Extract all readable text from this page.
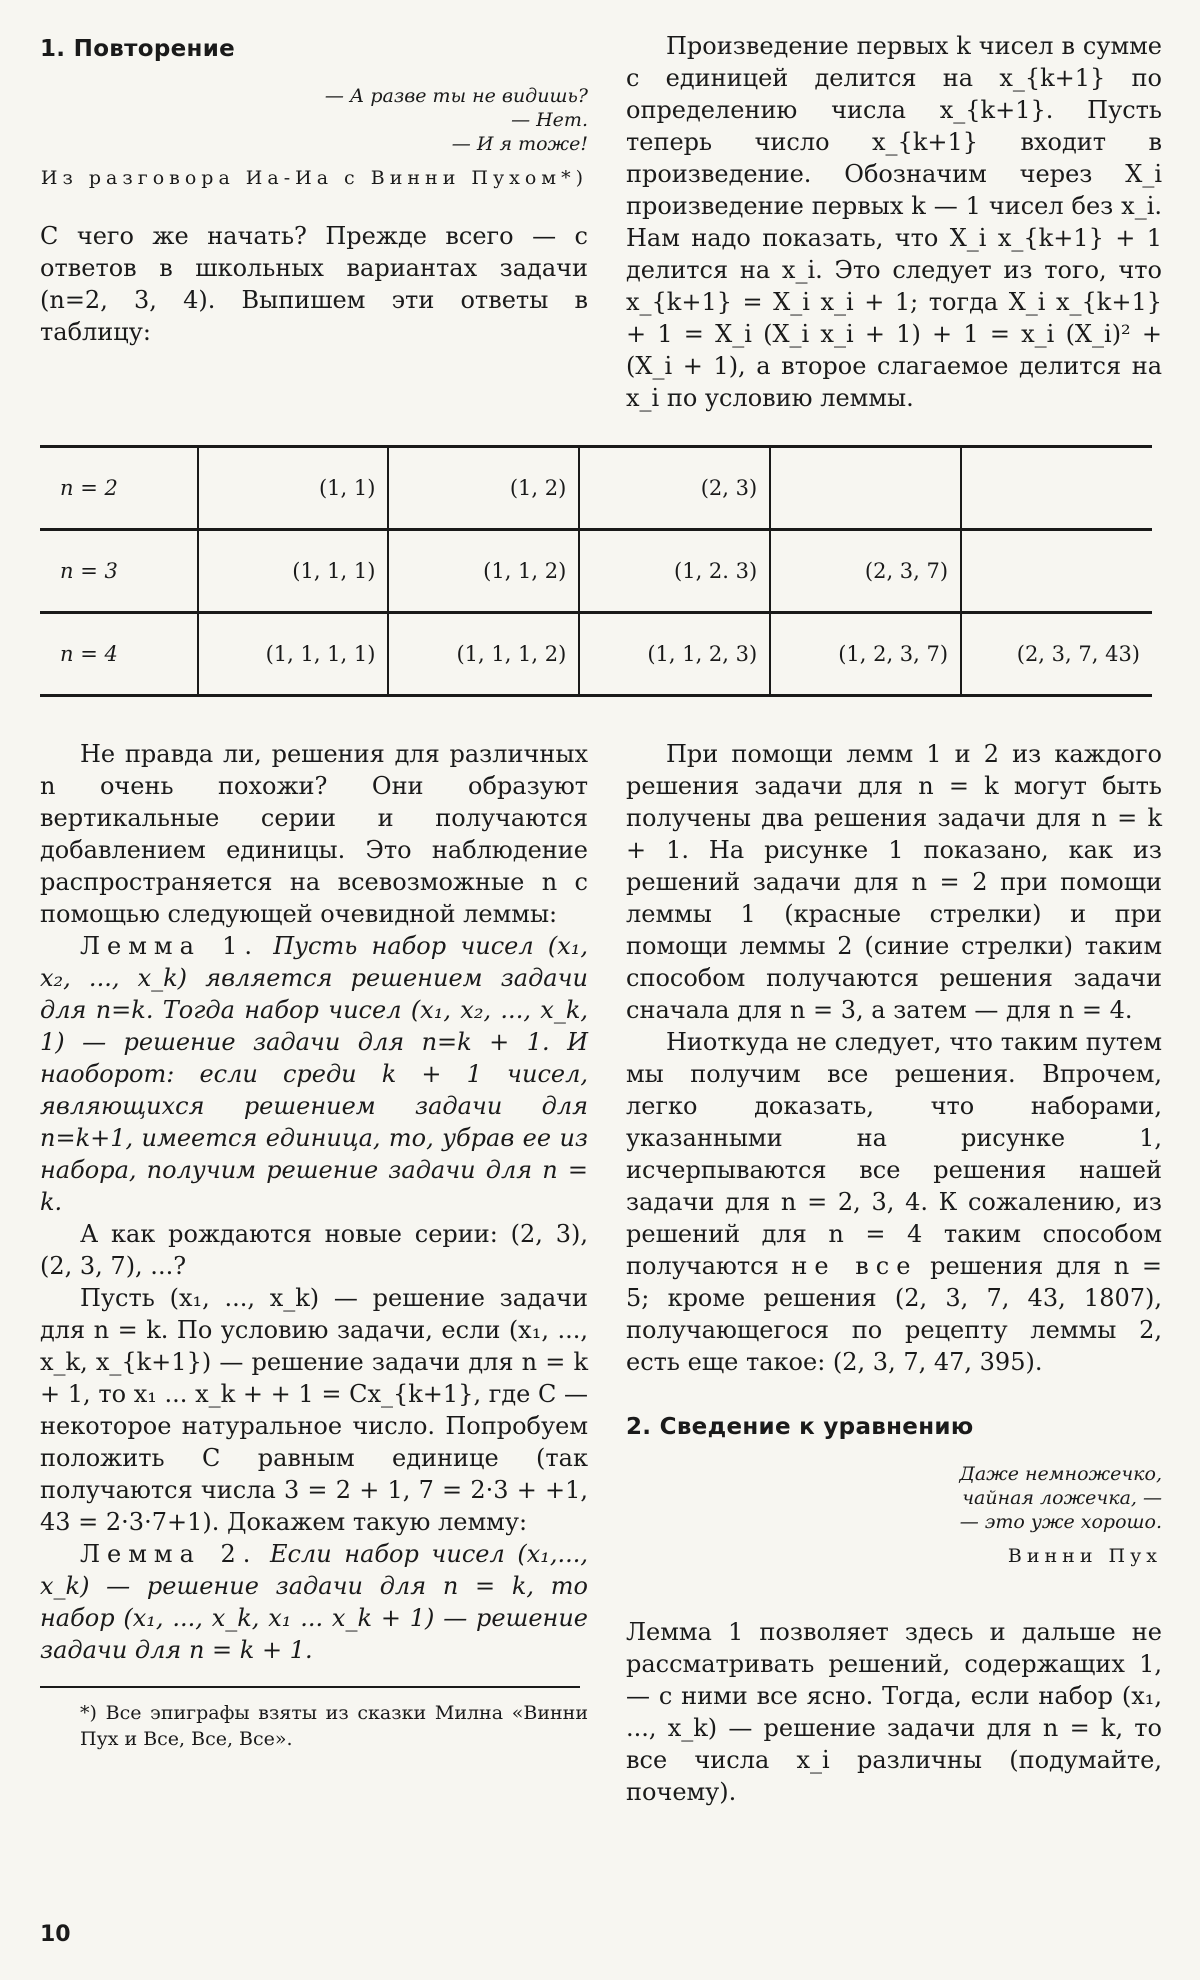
1. Повторение
— А разве ты не видишь?
— Нет.
— И я тоже!
Из разговора Иа-Иа с Винни Пухом*)

С чего же начать? Прежде всего — с ответов в школьных вариантах задачи (n=2, 3, 4). Выпишем эти ответы в таблицу:

Произведение первых k чисел в сумме с единицей делится на x_{k+1} по определению числа x_{k+1}. Пусть теперь число x_{k+1} входит в произведение. Обозначим через X_i произведение первых k — 1 чисел без x_i. Нам надо показать, что X_i x_{k+1} + 1 делится на x_i. Это следует из того, что x_{k+1} = X_i x_i + 1; тогда X_i x_{k+1} + 1 = X_i (X_i x_i + 1) + 1 = x_i (X_i)² + (X_i + 1), а второе слагаемое делится на x_i по условию леммы.

n = 2	(1, 1)	(1, 2)	(2, 3)		
n = 3	(1, 1, 1)	(1, 1, 2)	(1, 2. 3)	(2, 3, 7)	
n = 4	(1, 1, 1, 1)	(1, 1, 1, 2)	(1, 1, 2, 3)	(1, 2, 3, 7)	(2, 3, 7, 43)

Не правда ли, решения для различных n очень похожи? Они образуют вертикальные серии и получаются добавлением единицы. Это наблюдение распространяется на всевозможные n с помощью следующей очевидной леммы:

Лемма 1. Пусть набор чисел (x₁, x₂, ..., x_k) является решением задачи для n=k. Тогда набор чисел (x₁, x₂, ..., x_k, 1) — решение задачи для n=k + 1. И наоборот: если среди k + 1 чисел, являющихся решением задачи для n=k+1, имеется единица, то, убрав ее из набора, получим решение задачи для n = k.

А как рождаются новые серии: (2, 3), (2, 3, 7), ...?

Пусть (x₁, ..., x_k) — решение задачи для n = k. По условию задачи, если (x₁, ..., x_k, x_{k+1}) — решение задачи для n = k + 1, то x₁ ... x_k + + 1 = Cx_{k+1}, где C — некоторое натуральное число. Попробуем положить C равным единице (так получаются числа 3 = 2 + 1, 7 = 2·3 + +1, 43 = 2·3·7+1). Докажем такую лемму:

Лемма 2. Если набор чисел (x₁,..., x_k) — решение задачи для n = k, то набор (x₁, ..., x_k, x₁ ... x_k + 1) — решение задачи для n = k + 1.

*) Все эпиграфы взяты из сказки Милна «Винни Пух и Все, Все, Все».

При помощи лемм 1 и 2 из каждого решения задачи для n = k могут быть получены два решения задачи для n = k + 1. На рисунке 1 показано, как из решений задачи для n = 2 при помощи леммы 1 (красные стрелки) и при помощи леммы 2 (синие стрелки) таким способом получаются решения задачи сначала для n = 3, а затем — для n = 4.

Ниоткуда не следует, что таким путем мы получим все решения. Впрочем, легко доказать, что наборами, указанными на рисунке 1, исчерпываются все решения нашей задачи для n = 2, 3, 4. К сожалению, из решений для n = 4 таким способом получаются не все решения для n = 5; кроме решения (2, 3, 7, 43, 1807), получающегося по рецепту леммы 2, есть еще такое: (2, 3, 7, 47, 395).

2. Сведение к уравнению
Даже немножечко,
чайная ложечка, —
— это уже хорошо.
Винни Пух

Лемма 1 позволяет здесь и дальше не рассматривать решений, содержащих 1,— с ними все ясно. Тогда, если набор (x₁, ..., x_k) — решение задачи для n = k, то все числа x_i различны (подумайте, почему).

10
